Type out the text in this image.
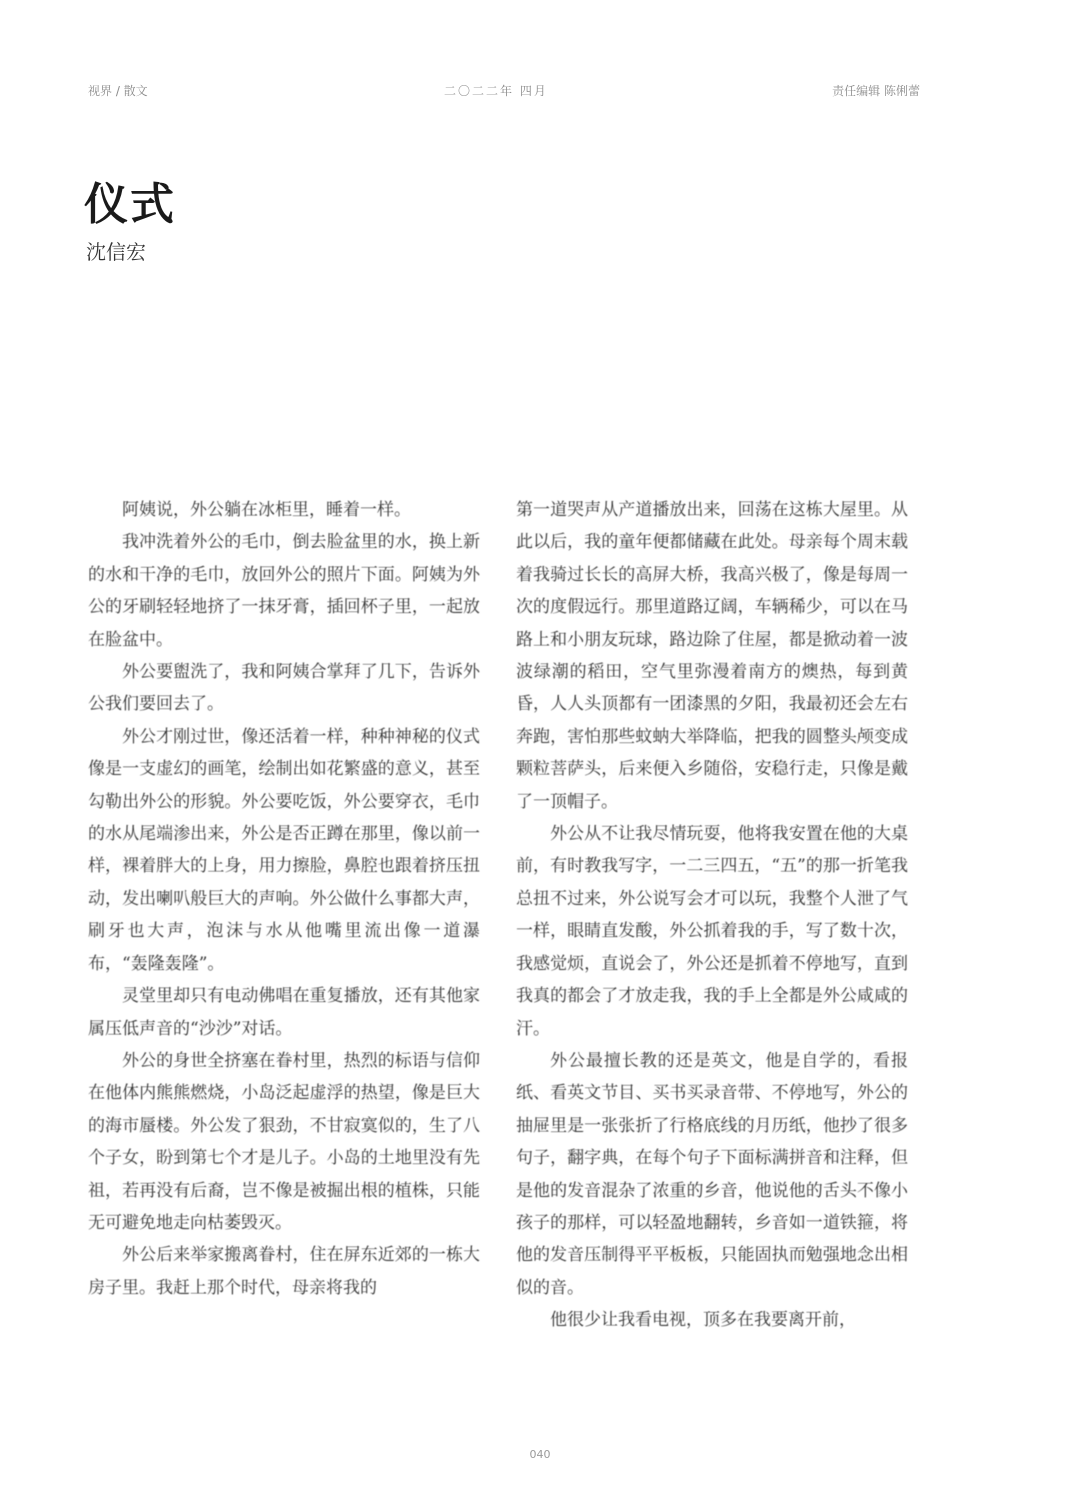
视界 / 散文	二〇二二年 四月	责任编辑 陈俐蕾
仪式
沈信宏

阿姨说，外公躺在冰柜里，睡着一样。

我冲洗着外公的毛巾，倒去脸盆里的水，换上新的水和干净的毛巾，放回外公的照片下面。阿姨为外公的牙刷轻轻地挤了一抹牙膏，插回杯子里，一起放在脸盆中。

外公要盥洗了，我和阿姨合掌拜了几下，告诉外公我们要回去了。

外公才刚过世，像还活着一样，种种神秘的仪式像是一支虚幻的画笔，绘制出如花繁盛的意义，甚至勾勒出外公的形貌。外公要吃饭，外公要穿衣，毛巾的水从尾端渗出来，外公是否正蹲在那里，像以前一样，裸着胖大的上身，用力擦脸，鼻腔也跟着挤压扭动，发出喇叭般巨大的声响。外公做什么事都大声，刷牙也大声，泡沫与水从他嘴里流出像一道瀑布，“轰隆轰隆”。

灵堂里却只有电动佛唱在重复播放，还有其他家属压低声音的“沙沙”对话。

外公的身世全挤塞在眷村里，热烈的标语与信仰在他体内熊熊燃烧，小岛泛起虚浮的热望，像是巨大的海市蜃楼。外公发了狠劲，不甘寂寞似的，生了八个子女，盼到第七个才是儿子。小岛的土地里没有先祖，若再没有后裔，岂不像是被掘出根的植株，只能无可避免地走向枯萎毁灭。

外公后来举家搬离眷村，住在屏东近郊的一栋大房子里。我赶上那个时代，母亲将我的

第一道哭声从产道播放出来，回荡在这栋大屋里。从此以后，我的童年便都储藏在此处。母亲每个周末载着我骑过长长的高屏大桥，我高兴极了，像是每周一次的度假远行。那里道路辽阔，车辆稀少，可以在马路上和小朋友玩球，路边除了住屋，都是掀动着一波波绿潮的稻田，空气里弥漫着南方的燠热，每到黄昏，人人头顶都有一团漆黑的夕阳，我最初还会左右奔跑，害怕那些蚊蚋大举降临，把我的圆整头颅变成颗粒菩萨头，后来便入乡随俗，安稳行走，只像是戴了一顶帽子。

外公从不让我尽情玩耍，他将我安置在他的大桌前，有时教我写字，一二三四五，“五”的那一折笔我总扭不过来，外公说写会才可以玩，我整个人泄了气一样，眼睛直发酸，外公抓着我的手，写了数十次，我感觉烦，直说会了，外公还是抓着不停地写，直到我真的都会了才放走我，我的手上全都是外公咸咸的汗。

外公最擅长教的还是英文，他是自学的，看报纸、看英文节目、买书买录音带、不停地写，外公的抽屉里是一张张折了行格底线的月历纸，他抄了很多句子，翻字典，在每个句子下面标满拼音和注释，但是他的发音混杂了浓重的乡音，他说他的舌头不像小孩子的那样，可以轻盈地翻转，乡音如一道铁箍，将他的发音压制得平平板板，只能固执而勉强地念出相似的音。

他很少让我看电视，顶多在我要离开前，

040
